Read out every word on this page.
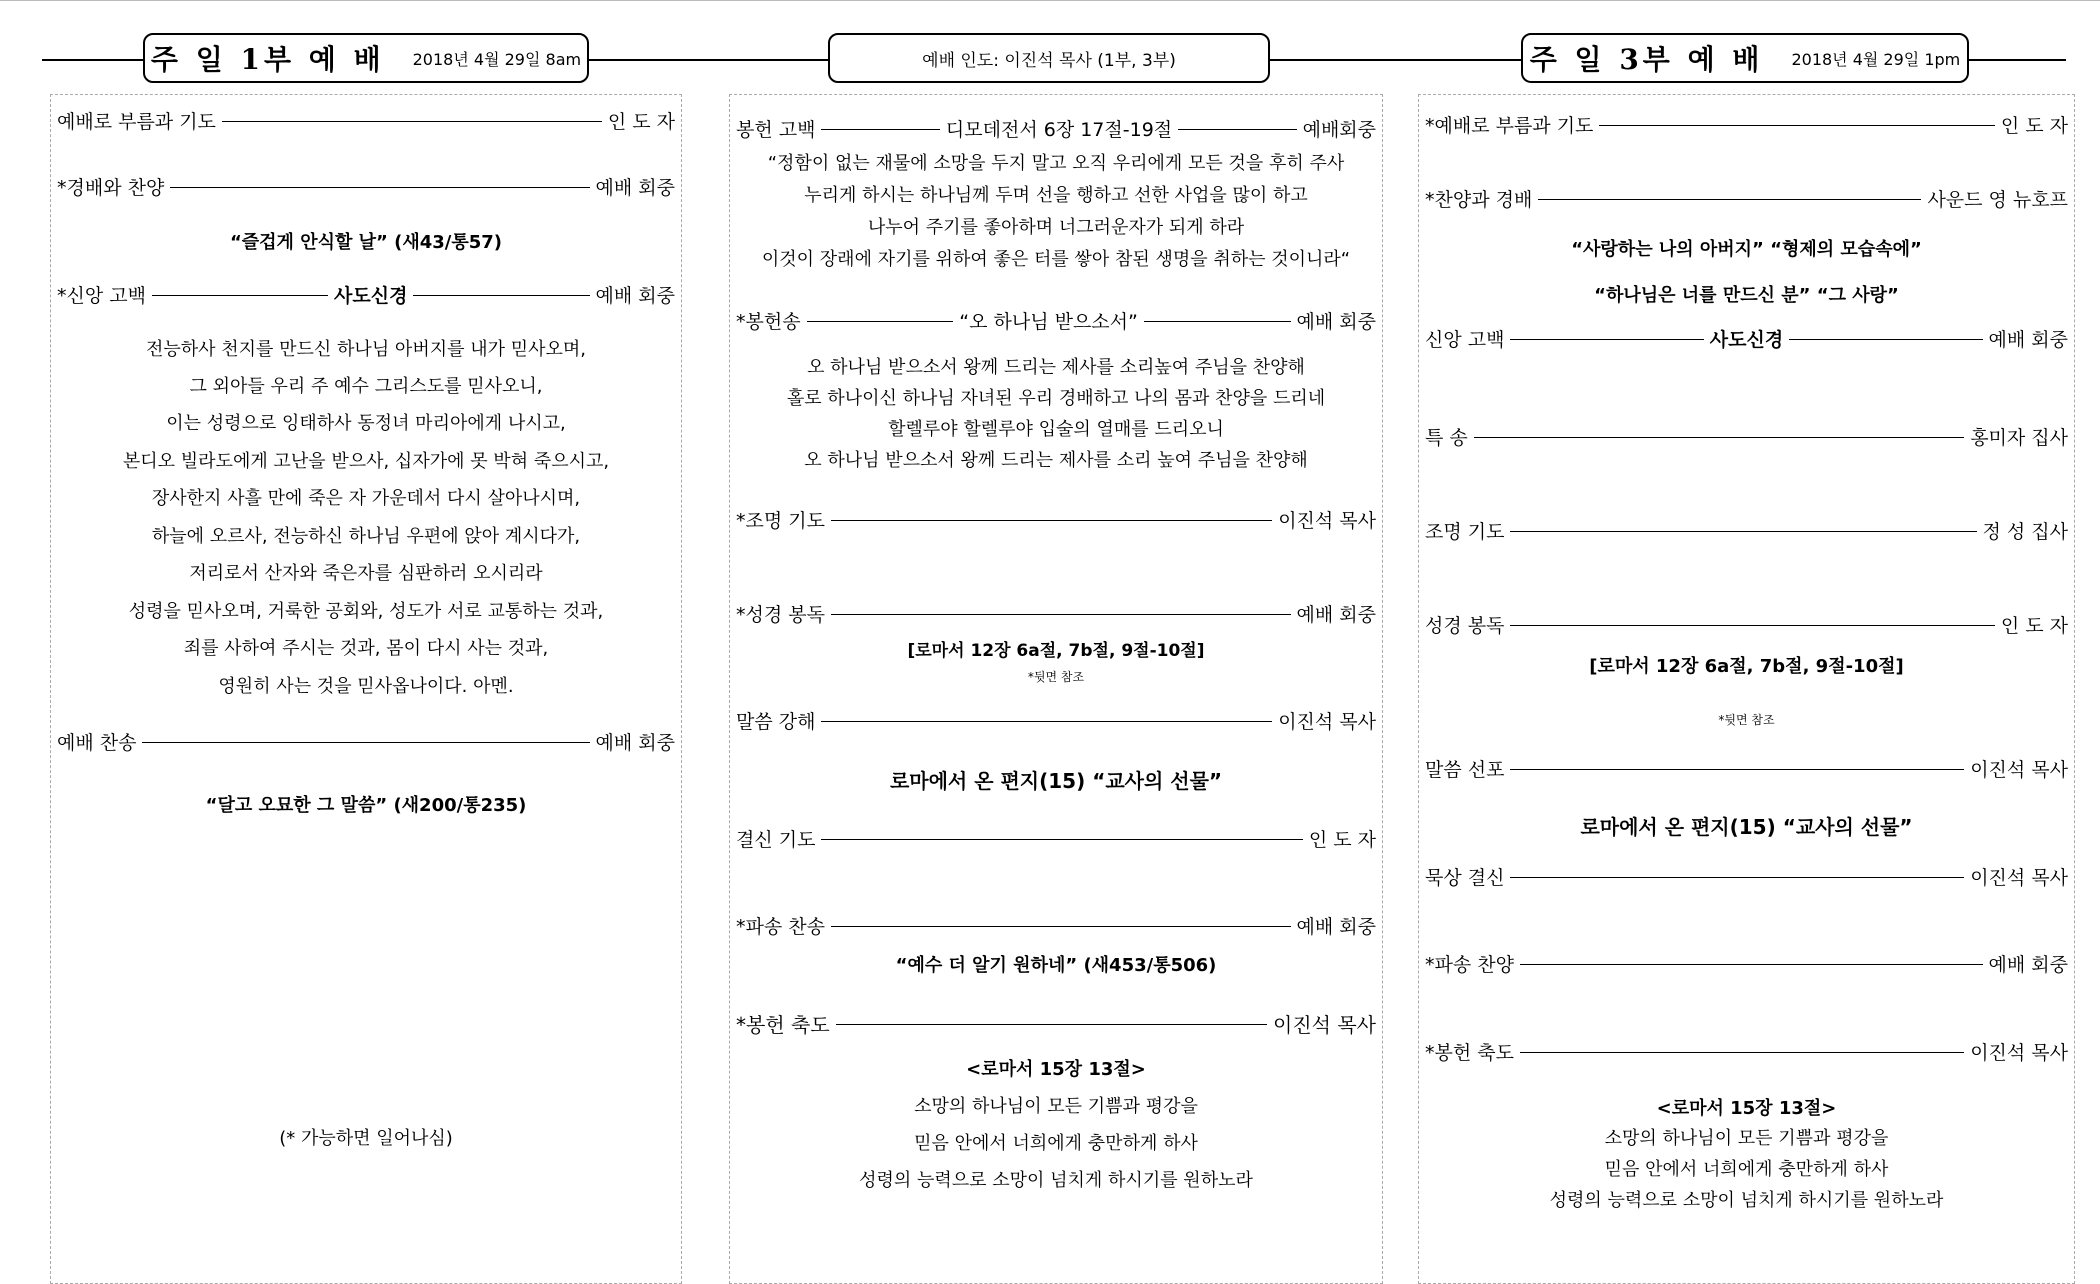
주 일 1부 예 배 2018년 4월 29일 8am	예배 인도: 이진석 목사 (1부, 3부)	주 일 3부 예 배 2018년 4월 29일 1pm
예배로 부름과 기도	인 도 자
*경배와 찬양	예배 회중
“즐겁게 안식할 날” (새43/통57)
*신앙 고백	사도신경	예배 회중
전능하사 천지를 만드신 하나님 아버지를 내가 믿사오며,
그 외아들 우리 주 예수 그리스도를 믿사오니,
이는 성령으로 잉태하사 동정녀 마리아에게 나시고,
본디오 빌라도에게 고난을 받으사, 십자가에 못 박혀 죽으시고,
장사한지 사흘 만에 죽은 자 가운데서 다시 살아나시며,
하늘에 오르사, 전능하신 하나님 우편에 앉아 계시다가,
저리로서 산자와 죽은자를 심판하러 오시리라
성령을 믿사오며, 거룩한 공회와, 성도가 서로 교통하는 것과,
죄를 사하여 주시는 것과, 몸이 다시 사는 것과,
영원히 사는 것을 믿사옵나이다. 아멘.
예배 찬송	예배 회중
“달고 오묘한 그 말씀” (새200/통235)
(* 가능하면 일어나심)
봉헌 고백	디모데전서 6장 17절-19절	예배회중
“정함이 없는 재물에 소망을 두지 말고 오직 우리에게 모든 것을 후히 주사
누리게 하시는 하나님께 두며 선을 행하고 선한 사업을 많이 하고
나누어 주기를 좋아하며 너그러운자가 되게 하라
이것이 장래에 자기를 위하여 좋은 터를 쌓아 참된 생명을 취하는 것이니라“
*봉헌송	“오 하나님 받으소서”	예배 회중
오 하나님 받으소서 왕께 드리는 제사를 소리높여 주님을 찬양해
홀로 하나이신 하나님 자녀된 우리 경배하고 나의 몸과 찬양을 드리네
할렐루야 할렐루야 입술의 열매를 드리오니
오 하나님 받으소서 왕께 드리는 제사를 소리 높여 주님을 찬양해
*조명 기도	이진석 목사
*성경 봉독	예배 회중
[로마서 12장 6a절, 7b절, 9절-10절]
*뒷면 참조
말씀 강해	이진석 목사
로마에서 온 편지(15) “교사의 선물”
결신 기도	인 도 자
*파송 찬송	예배 회중
“예수 더 알기 원하네” (새453/통506)
*봉헌 축도	이진석 목사
<로마서 15장 13절>
소망의 하나님이 모든 기쁨과 평강을
믿음 안에서 너희에게 충만하게 하사
성령의 능력으로 소망이 넘치게 하시기를 원하노라
*예배로 부름과 기도	인 도 자
*찬양과 경배	사운드 영 뉴호프
“사랑하는 나의 아버지” “형제의 모습속에”
“하나님은 너를 만드신 분” “그 사랑”
신앙 고백	사도신경	예배 회중
특 송	홍미자 집사
조명 기도	정 성 집사
성경 봉독	인 도 자
[로마서 12장 6a절, 7b절, 9절-10절]
*뒷면 참조
말씀 선포	이진석 목사
로마에서 온 편지(15) “교사의 선물”
묵상 결신	이진석 목사
*파송 찬양	예배 회중
*봉헌 축도	이진석 목사
<로마서 15장 13절>
소망의 하나님이 모든 기쁨과 평강을
믿음 안에서 너희에게 충만하게 하사
성령의 능력으로 소망이 넘치게 하시기를 원하노라
